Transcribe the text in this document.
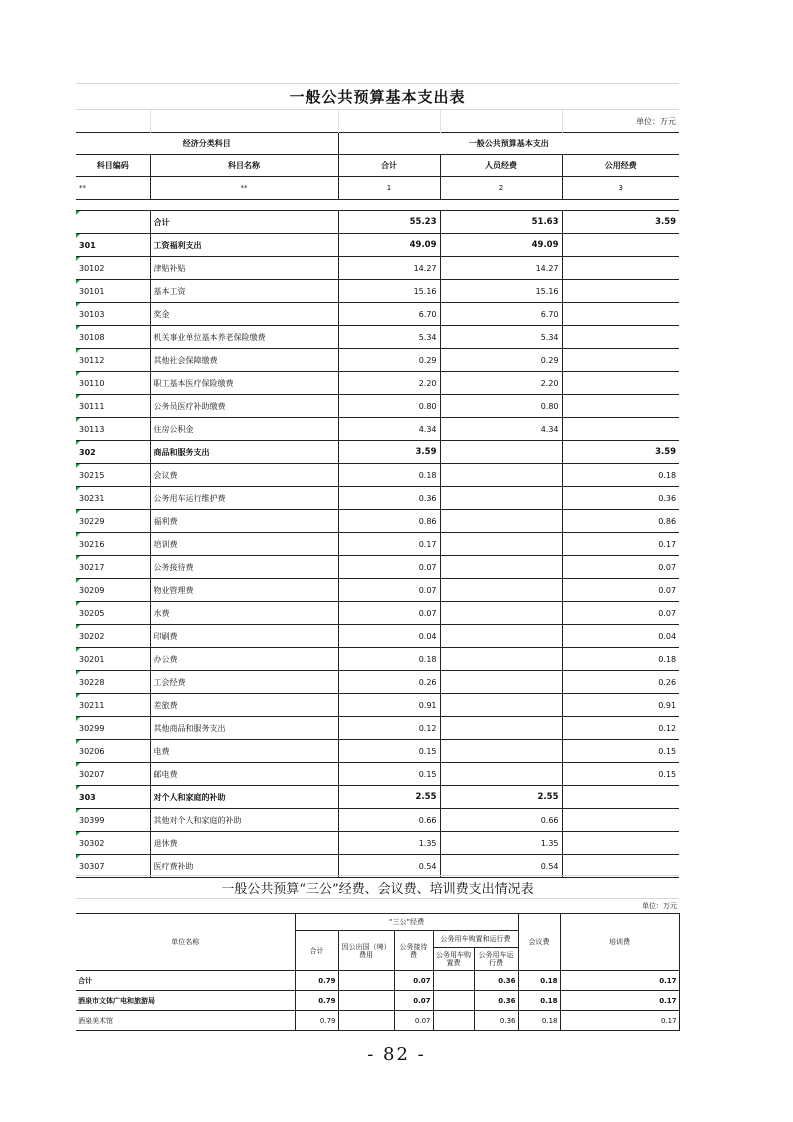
一般公共预算基本支出表				
				单位：万元
经济分类科目		一般公共预算基本支出		
科目编码	科目名称	合计	人员经费	公用经费
**	**	1	2	3

	合计	55.23	51.63	3.59
301	工资福利支出	49.09	49.09	
30102	津贴补贴	14.27	14.27	
30101	基本工资	15.16	15.16	
30103	奖金	6.70	6.70	
30108	机关事业单位基本养老保险缴费	5.34	5.34	
30112	其他社会保障缴费	0.29	0.29	
30110	职工基本医疗保险缴费	2.20	2.20	
30111	公务员医疗补助缴费	0.80	0.80	
30113	住房公积金	4.34	4.34	
302	商品和服务支出	3.59		3.59
30215	会议费	0.18		0.18
30231	公务用车运行维护费	0.36		0.36
30229	福利费	0.86		0.86
30216	培训费	0.17		0.17
30217	公务接待费	0.07		0.07
30209	物业管理费	0.07		0.07
30205	水费	0.07		0.07
30202	印刷费	0.04		0.04
30201	办公费	0.18		0.18
30228	工会经费	0.26		0.26
30211	差旅费	0.91		0.91
30299	其他商品和服务支出	0.12		0.12
30206	电费	0.15		0.15
30207	邮电费	0.15		0.15
303	对个人和家庭的补助	2.55	2.55	
30399	其他对个人和家庭的补助	0.66	0.66	
30302	退休费	1.35	1.35	
30307	医疗费补助	0.54	0.54	
一般公共预算“三公”经费、会议费、培训费支出情况表							
单位：万元							
单位名称	“三公”经费					会议费	培训费
	合计	因公出国（境）费用	公务接待费	公务用车购置和运行费			
				公务用车购置费	公务用车运行费		
合计	0.79		0.07		0.36	0.18	0.17
酒泉市文体广电和旅游局	0.79		0.07		0.36	0.18	0.17
酒泉美术馆	0.79		0.07		0.36	0.18	0.17
- 82 -
